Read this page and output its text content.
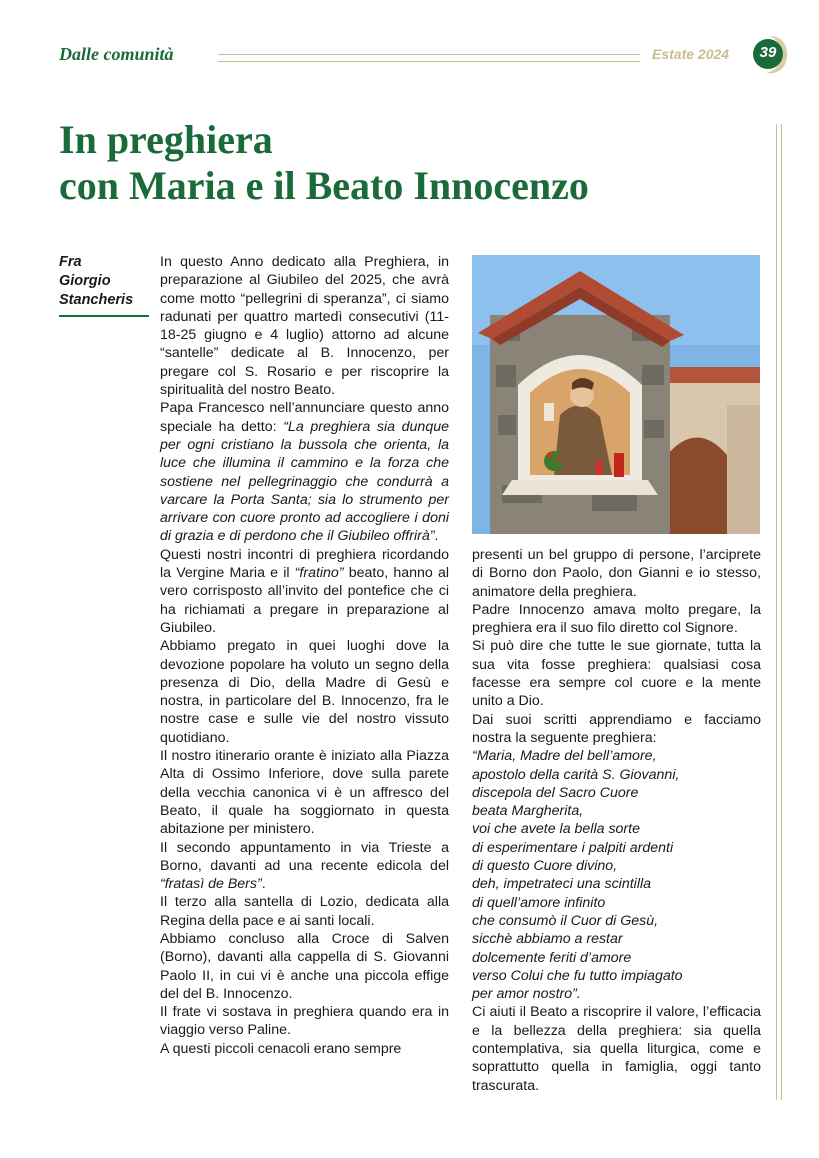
Dalle comunità	Estate 2024	39
In preghiera
con Maria e il Beato Innocenzo
Fra
Giorgio
Stancheris

In questo Anno dedicato alla Preghiera, in preparazione al Giubileo del 2025, che avrà come motto “pellegrini di speranza”, ci siamo radunati per quattro martedì consecutivi (11-18-25 giugno e 4 luglio) attorno ad alcune “santelle” dedicate al B. Innocenzo, per pregare col S. Rosario e per riscoprire la spiritualità del nostro Beato.

Papa Francesco nell’annunciare questo anno speciale ha detto: “La preghiera sia dunque per ogni cristiano la bussola che orienta, la luce che illumina il cammino e la forza che sostiene nel pellegrinaggio che condurrà a varcare la Porta Santa; sia lo strumento per arrivare con cuore pronto ad accogliere i doni di grazia e di perdono che il Giubileo offrirà”.

Questi nostri incontri di preghiera ricordando la Vergine Maria e il “fratino” beato, hanno al vero corrisposto all’invito del pontefice che ci ha richiamati a pregare in preparazione al Giubileo.

Abbiamo pregato in quei luoghi dove la devozione popolare ha voluto un segno della presenza di Dio, della Madre di Gesù e nostra, in particolare del B. Innocenzo, fra le nostre case e sulle vie del nostro vissuto quotidiano.

Il nostro itinerario orante è iniziato alla Piazza Alta di Ossimo Inferiore, dove sulla parete della vecchia canonica vi è un affresco del Beato, il quale ha soggiornato in questa abitazione per ministero.

Il secondo appuntamento in via Trieste a Borno, davanti ad una recente edicola del “fratasì de Bers”.

Il terzo alla santella di Lozio, dedicata alla Regina della pace e ai santi locali.

Abbiamo concluso alla Croce di Salven (Borno), davanti alla cappella di S. Giovanni Paolo II, in cui vi è anche una piccola effige del del B. Innocenzo.

Il frate vi sostava in preghiera quando era in viaggio verso Paline.

A questi piccoli cenacoli erano sempre

presenti un bel gruppo di persone, l’arciprete di Borno don Paolo, don Gianni e io stesso, animatore della preghiera.

Padre Innocenzo amava molto pregare, la preghiera era il suo filo diretto col Signore.

Si può dire che tutte le sue giornate, tutta la sua vita fosse preghiera: qualsiasi cosa facesse era sempre col cuore e la mente unito a Dio.

Dai suoi scritti apprendiamo e facciamo nostra la seguente preghiera:

“Maria, Madre del bell’amore,
apostolo della carità S. Giovanni,
discepola del Sacro Cuore
beata Margherita,
voi che avete la bella sorte
di esperimentare i palpiti ardenti
di questo Cuore divino,
deh, impetrateci una scintilla
di quell’amore infinito
che consumò il Cuor di Gesù,
sicchè abbiamo a restar
dolcemente feriti d’amore
verso Colui che fu tutto impiagato
per amor nostro”.

Ci aiuti il Beato a riscoprire il valore, l’efficacia e la bellezza della preghiera: sia quella contemplativa, sia quella liturgica, come e soprattutto quella in famiglia, oggi tanto trascurata.
